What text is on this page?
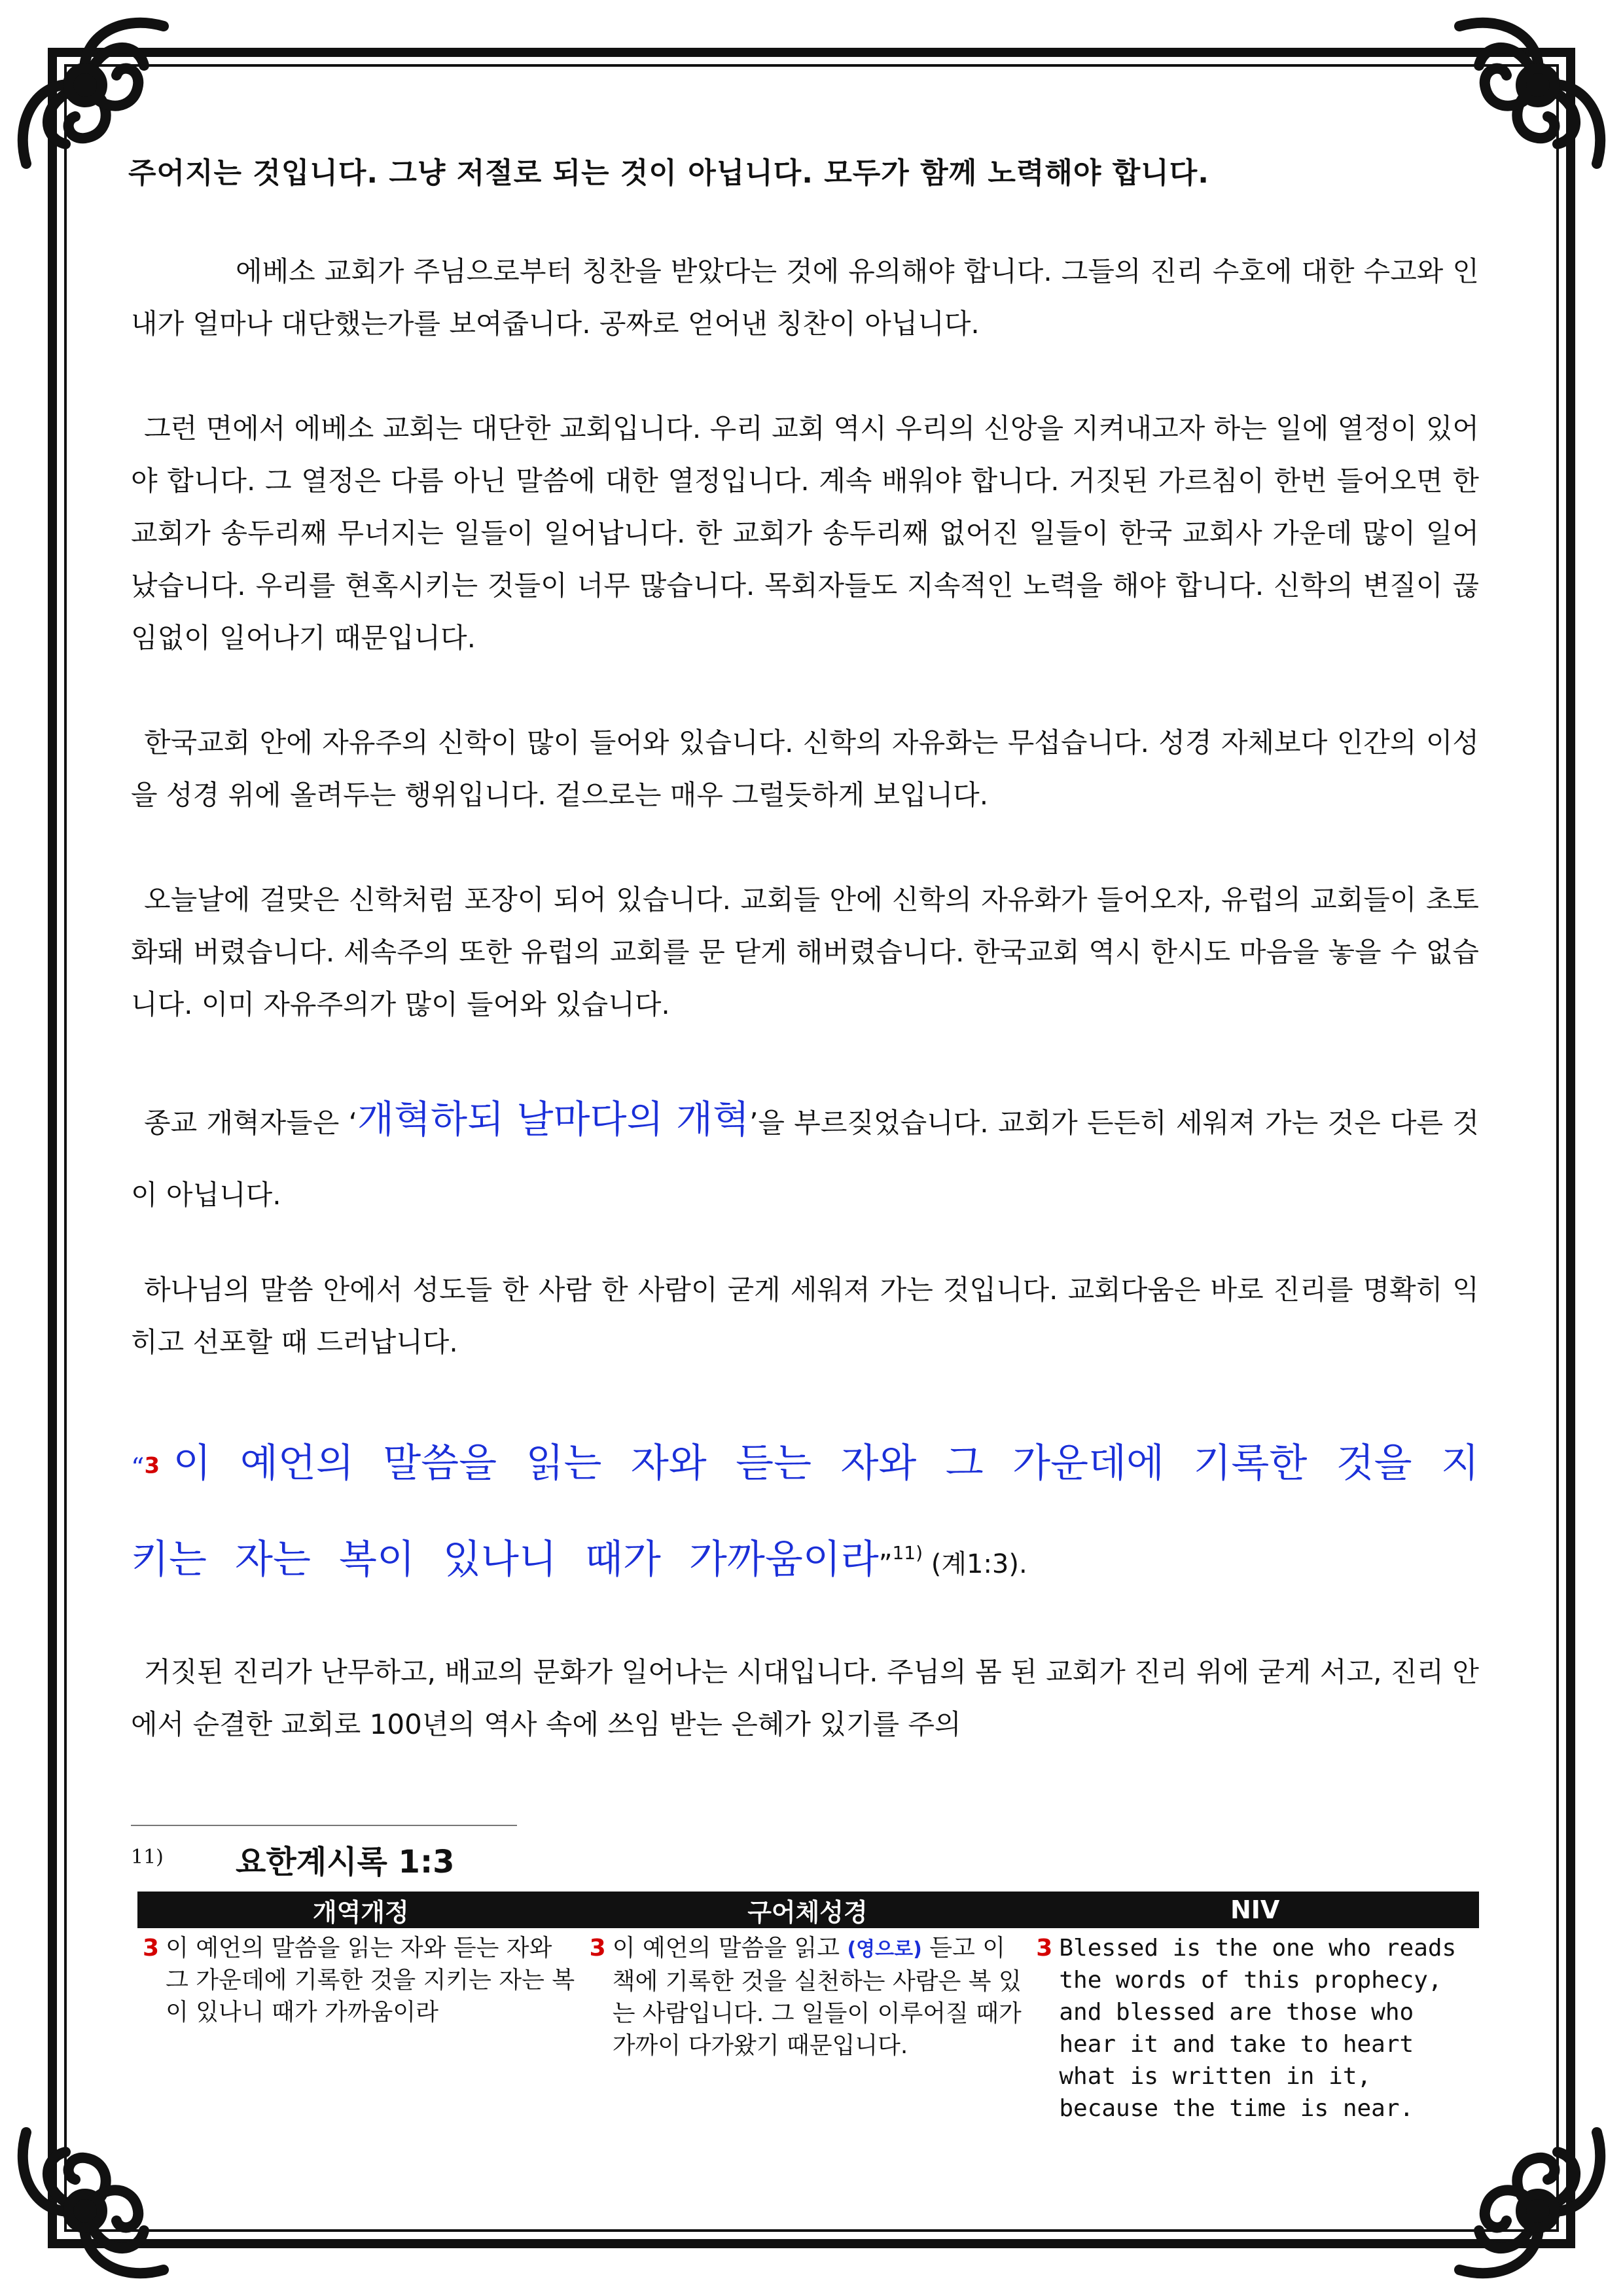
주어지는 것입니다. 그냥 저절로 되는 것이 아닙니다. 모두가 함께 노력해야 합니다.

에베소 교회가 주님으로부터 칭찬을 받았다는 것에 유의해야 합니다. 그들의 진리 수호에 대한 수고와 인내가 얼마나 대단했는가를 보여줍니다. 공짜로 얻어낸 칭찬이 아닙니다.

그런 면에서 에베소 교회는 대단한 교회입니다. 우리 교회 역시 우리의 신앙을 지켜내고자 하는 일에 열정이 있어야 합니다. 그 열정은 다름 아닌 말씀에 대한 열정입니다. 계속 배워야 합니다. 거짓된 가르침이 한번 들어오면 한 교회가 송두리째 무너지는 일들이 일어납니다. 한 교회가 송두리째 없어진 일들이 한국 교회사 가운데 많이 일어났습니다. 우리를 현혹시키는 것들이 너무 많습니다. 목회자들도 지속적인 노력을 해야 합니다. 신학의 변질이 끊임없이 일어나기 때문입니다.

한국교회 안에 자유주의 신학이 많이 들어와 있습니다. 신학의 자유화는 무섭습니다. 성경 자체보다 인간의 이성을 성경 위에 올려두는 행위입니다. 겉으로는 매우 그럴듯하게 보입니다.

오늘날에 걸맞은 신학처럼 포장이 되어 있습니다. 교회들 안에 신학의 자유화가 들어오자, 유럽의 교회들이 초토화돼 버렸습니다. 세속주의 또한 유럽의 교회를 문 닫게 해버렸습니다. 한국교회 역시 한시도 마음을 놓을 수 없습니다. 이미 자유주의가 많이 들어와 있습니다.

종교 개혁자들은 ‘개혁하되 날마다의 개혁’을 부르짖었습니다. 교회가 든든히 세워져 가는 것은 다른 것이 아닙니다.

하나님의 말씀 안에서 성도들 한 사람 한 사람이 굳게 세워져 가는 것입니다. 교회다움은 바로 진리를 명확히 익히고 선포할 때 드러납니다.

“3 이 예언의 말씀을 읽는 자와 듣는 자와 그 가운데에 기록한 것을 지키는 자는 복이 있나니 때가 가까움이라”$^{11)}$ (계1:3).

거짓된 진리가 난무하고, 배교의 문화가 일어나는 시대입니다. 주님의 몸 된 교회가 진리 위에 굳게 서고, 진리 안에서 순결한 교회로 100년의 역사 속에 쓰임 받는 은혜가 있기를 주의

11) 요한계시록 1:3
개역개정	구어체성경	NIV

3 이 예언의 말씀을 읽는 자와 듣는 자와 그 가운데에 기록한 것을 지키는 자는 복이 있나니 때가 가까움이라	3 이 예언의 말씀을 읽고 (영으로) 듣고 이 책에 기록한 것을 실천하는 사람은 복 있는 사람입니다. 그 일들이 이루어질 때가 가까이 다가왔기 때문입니다.	3 Blessed is the one who reads the words of this prophecy, and blessed are those who hear it and take to heart what is written in it, because the time is near.
